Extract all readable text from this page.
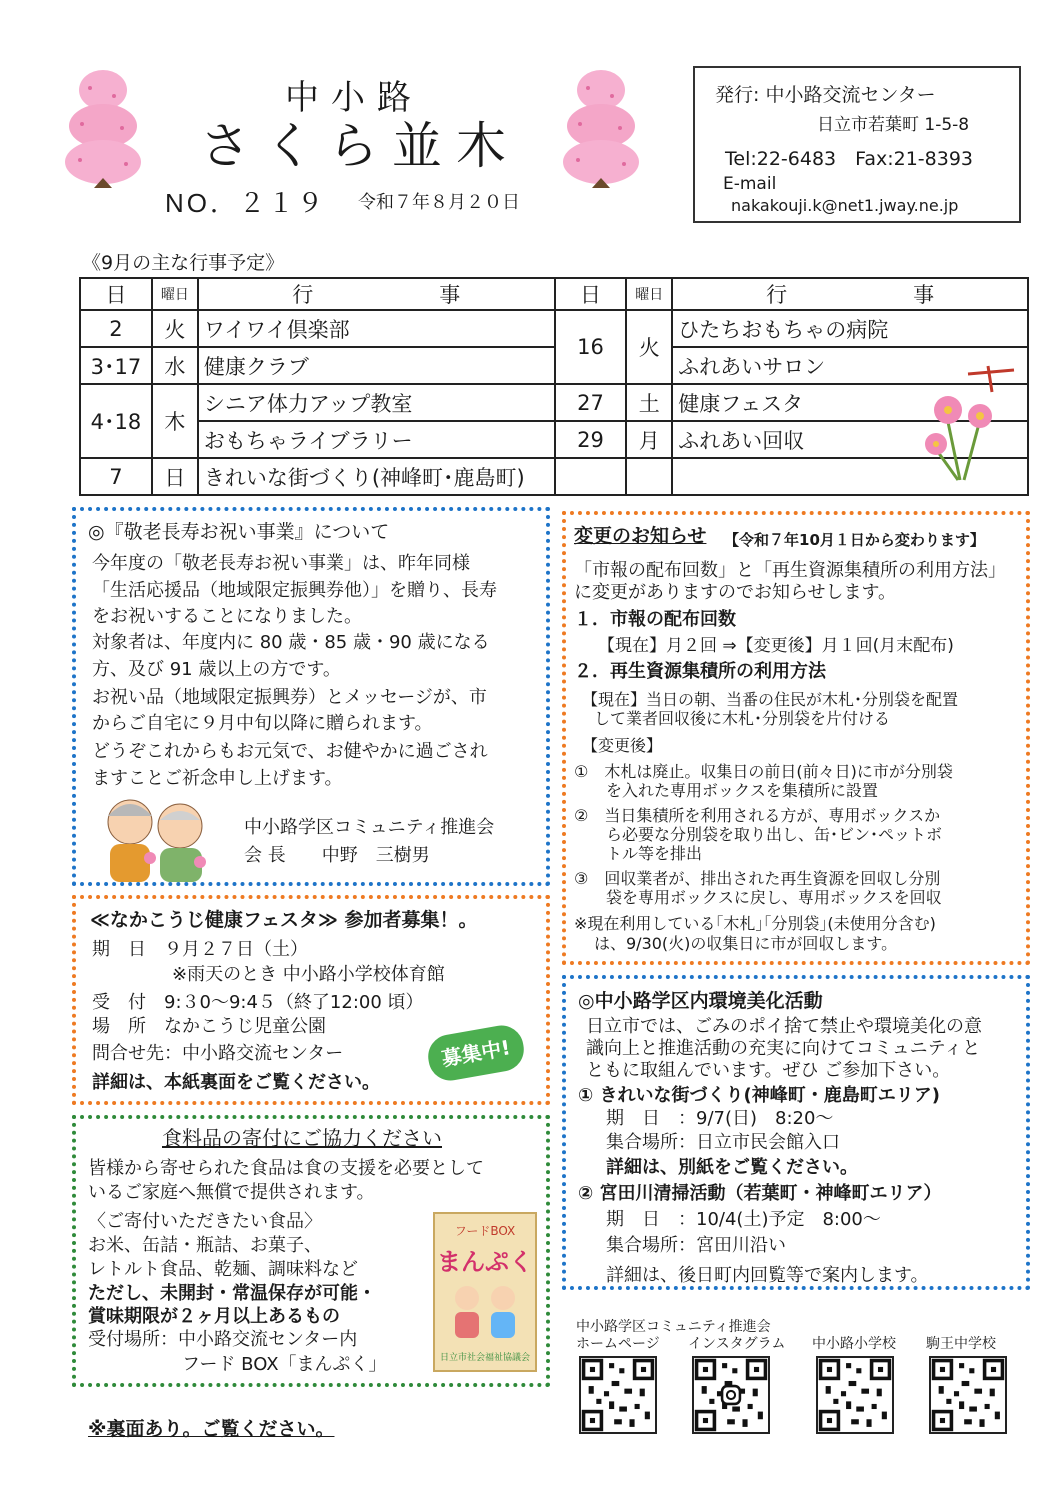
中小路
さくら並木
NO．２１９ 令和７年８月２０日
発行: 中小路交流センター
日立市若葉町 1-5-8
Tel:22-6483　Fax:21-8393
E-mail
nakakouji.k@net1.jway.ne.jp
《9月の主な行事予定》
日	曜日	行　　　　　　事	日	曜日	行　　　　　　事
2	火	ワイワイ倶楽部	16	火	ひたちおもちゃの病院
3･17	水	健康クラブ			ふれあいサロン
4･18	木	シニア体力アップ教室	27	土	健康フェスタ
		おもちゃライブラリー	29	月	ふれあい回収
7	日	きれいな街づくり(神峰町･鹿島町)			
◎『敬老長寿お祝い事業』について
今年度の「敬老長寿お祝い事業」は、昨年同様
「生活応援品（地域限定振興券他）」を贈り、長寿
をお祝いすることになりました。
対象者は、年度内に 80 歳・85 歳・90 歳になる
方、及び 91 歳以上の方です。
お祝い品（地域限定振興券）とメッセージが、市
からご自宅に９月中旬以降に贈られます。
どうぞこれからもお元気で、お健やかに過ごされ
ますことご祈念申し上げます。
中小路学区コミュニティ推進会
会 長　　中野　三樹男
≪なかこうじ健康フェスタ≫ 参加者募集！。
期　日　９月２７日（土）
※雨天のとき 中小路小学校体育館
受　付　9:３0～9:4５（終了12:00 頃）
場　所　なかこうじ児童公園
問合せ先：中小路交流センター
詳細は、本紙裏面をご覧ください。
募集中!
食料品の寄付にご協力ください
皆様から寄せられた食品は食の支援を必要として
いるご家庭へ無償で提供されます。
〈ご寄付いただきたい食品〉
お米、缶詰・瓶詰、お菓子、
レトルト食品、乾麺、調味料など
ただし、未開封・常温保存が可能・
賞味期限が２ヶ月以上あるもの
受付場所：中小路交流センター内
フード BOX「まんぷく」
フードBOX
まんぷく
日立市社会福祉協議会
※裏面あり。ご覧ください。
変更のお知らせ 【令和７年10月１日から変わります】
「市報の配布回数」と「再生資源集積所の利用方法」
に変更がありますのでお知らせします。
１．市報の配布回数
【現在】月２回 ⇒【変更後】月１回(月末配布)
２．再生資源集積所の利用方法
【現在】当日の朝、当番の住民が木札･分別袋を配置
して業者回収後に木札･分別袋を片付ける
【変更後】
①　木札は廃止。収集日の前日(前々日)に市が分別袋
を入れた専用ボックスを集積所に設置
②　当日集積所を利用される方が、専用ボックスか
ら必要な分別袋を取り出し、缶･ビン･ペットボ
トル等を排出
③　回収業者が、排出された再生資源を回収し分別
袋を専用ボックスに戻し、専用ボックスを回収
※現在利用している｢木札｣｢分別袋｣(未使用分含む)
は、9/30(火)の収集日に市が回収します。
◎中小路学区内環境美化活動
日立市では、ごみのポイ捨て禁止や環境美化の意
識向上と推進活動の充実に向けてコミュニティと
ともに取組んでいます。ぜひ ご参加下さい。
① きれいな街づくり(神峰町・鹿島町エリア)
期　日　：9/7(日)　8:20～
集合場所：日立市民会館入口
詳細は、別紙をご覧ください。
② 宮田川清掃活動（若葉町・神峰町エリア）
期　日　：10/4(土)予定　8:00～
集合場所：宮田川沿い
詳細は、後日町内回覧等で案内します。
中小路学区コミュニティ推進会
ホームページ インスタグラム 中小路小学校 駒王中学校
